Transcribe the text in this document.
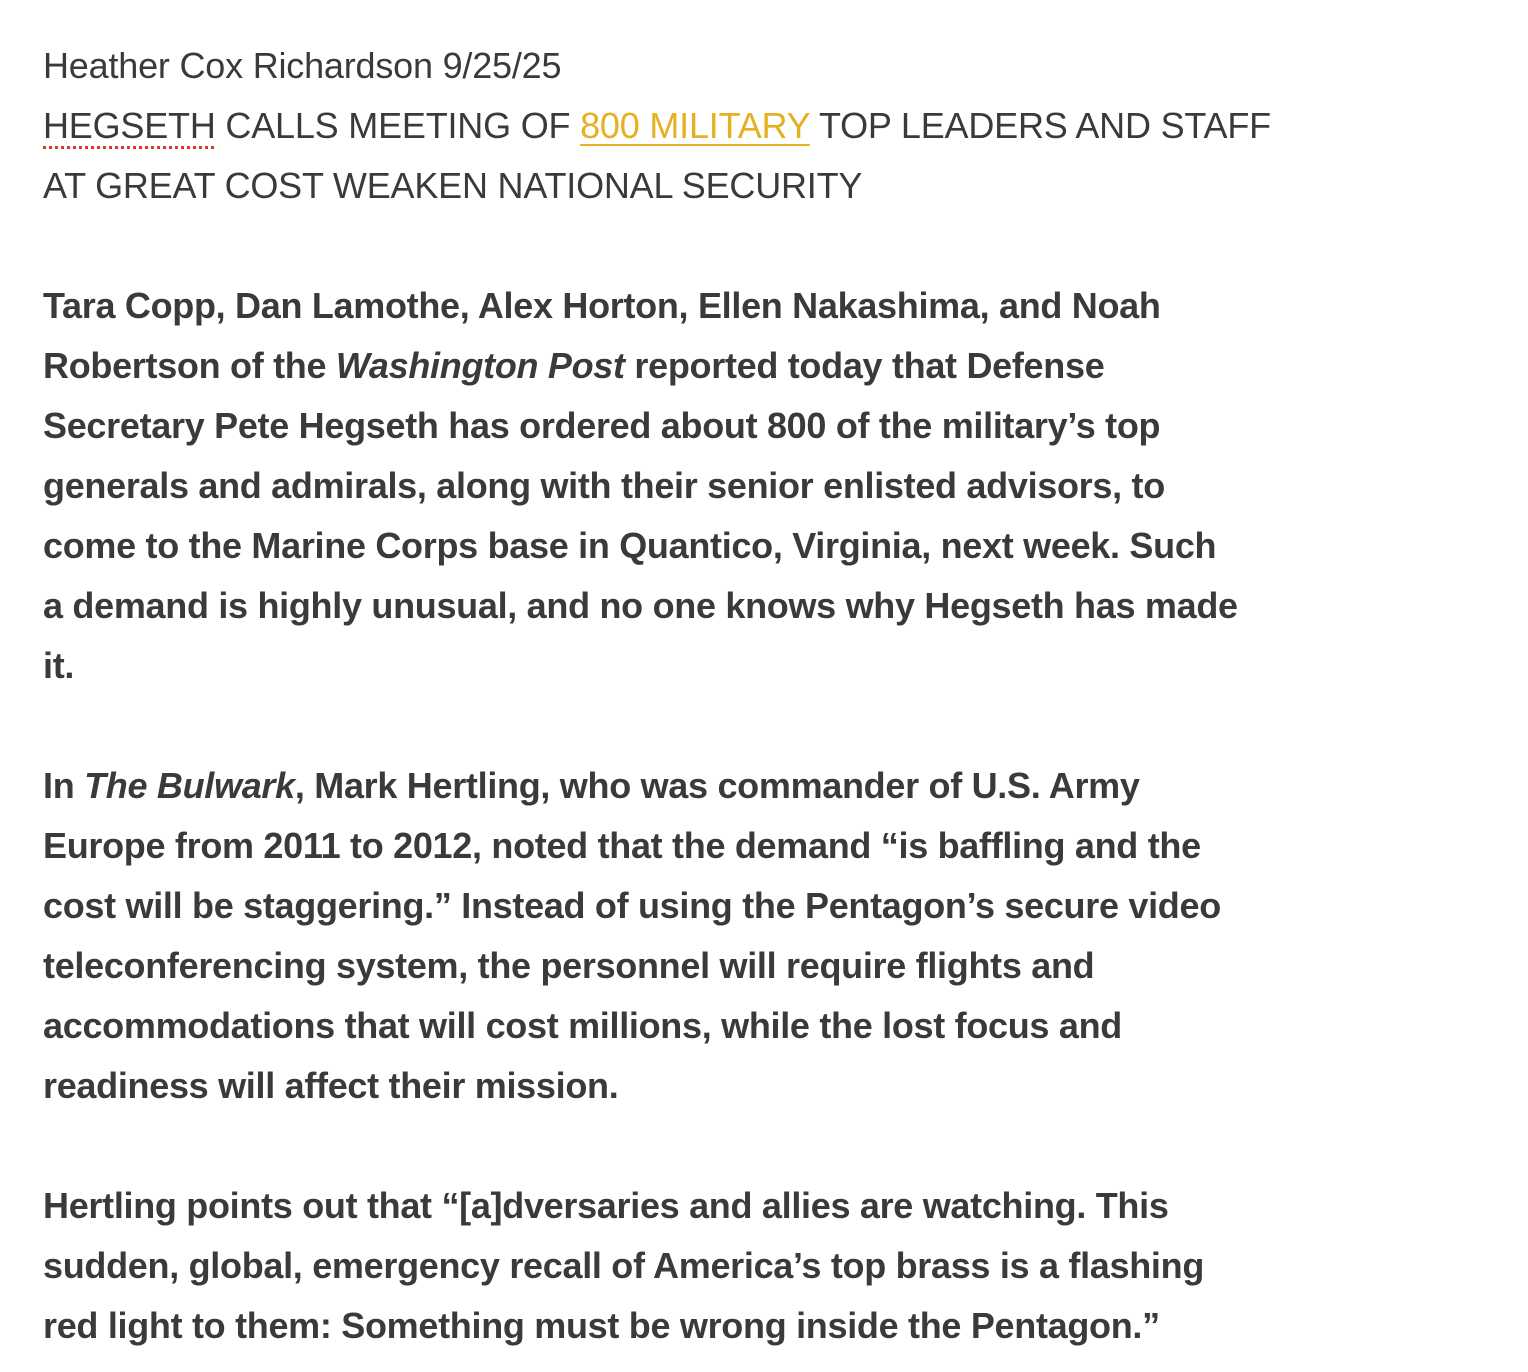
Heather Cox Richardson 9/25/25
HEGSETH CALLS MEETING OF 800 MILITARY TOP LEADERS AND STAFF
AT GREAT COST WEAKEN NATIONAL SECURITY
Tara Copp, Dan Lamothe, Alex Horton, Ellen Nakashima, and Noah
Robertson of the Washington Post reported today that Defense
Secretary Pete Hegseth has ordered about 800 of the military’s top
generals and admirals, along with their senior enlisted advisors, to
come to the Marine Corps base in Quantico, Virginia, next week. Such
a demand is highly unusual, and no one knows why Hegseth has made
it.
In The Bulwark, Mark Hertling, who was commander of U.S. Army
Europe from 2011 to 2012, noted that the demand “is baffling and the
cost will be staggering.” Instead of using the Pentagon’s secure video
teleconferencing system, the personnel will require flights and
accommodations that will cost millions, while the lost focus and
readiness will affect their mission.
Hertling points out that “[a]dversaries and allies are watching. This
sudden, global, emergency recall of America’s top brass is a flashing
red light to them: Something must be wrong inside the Pentagon.”
